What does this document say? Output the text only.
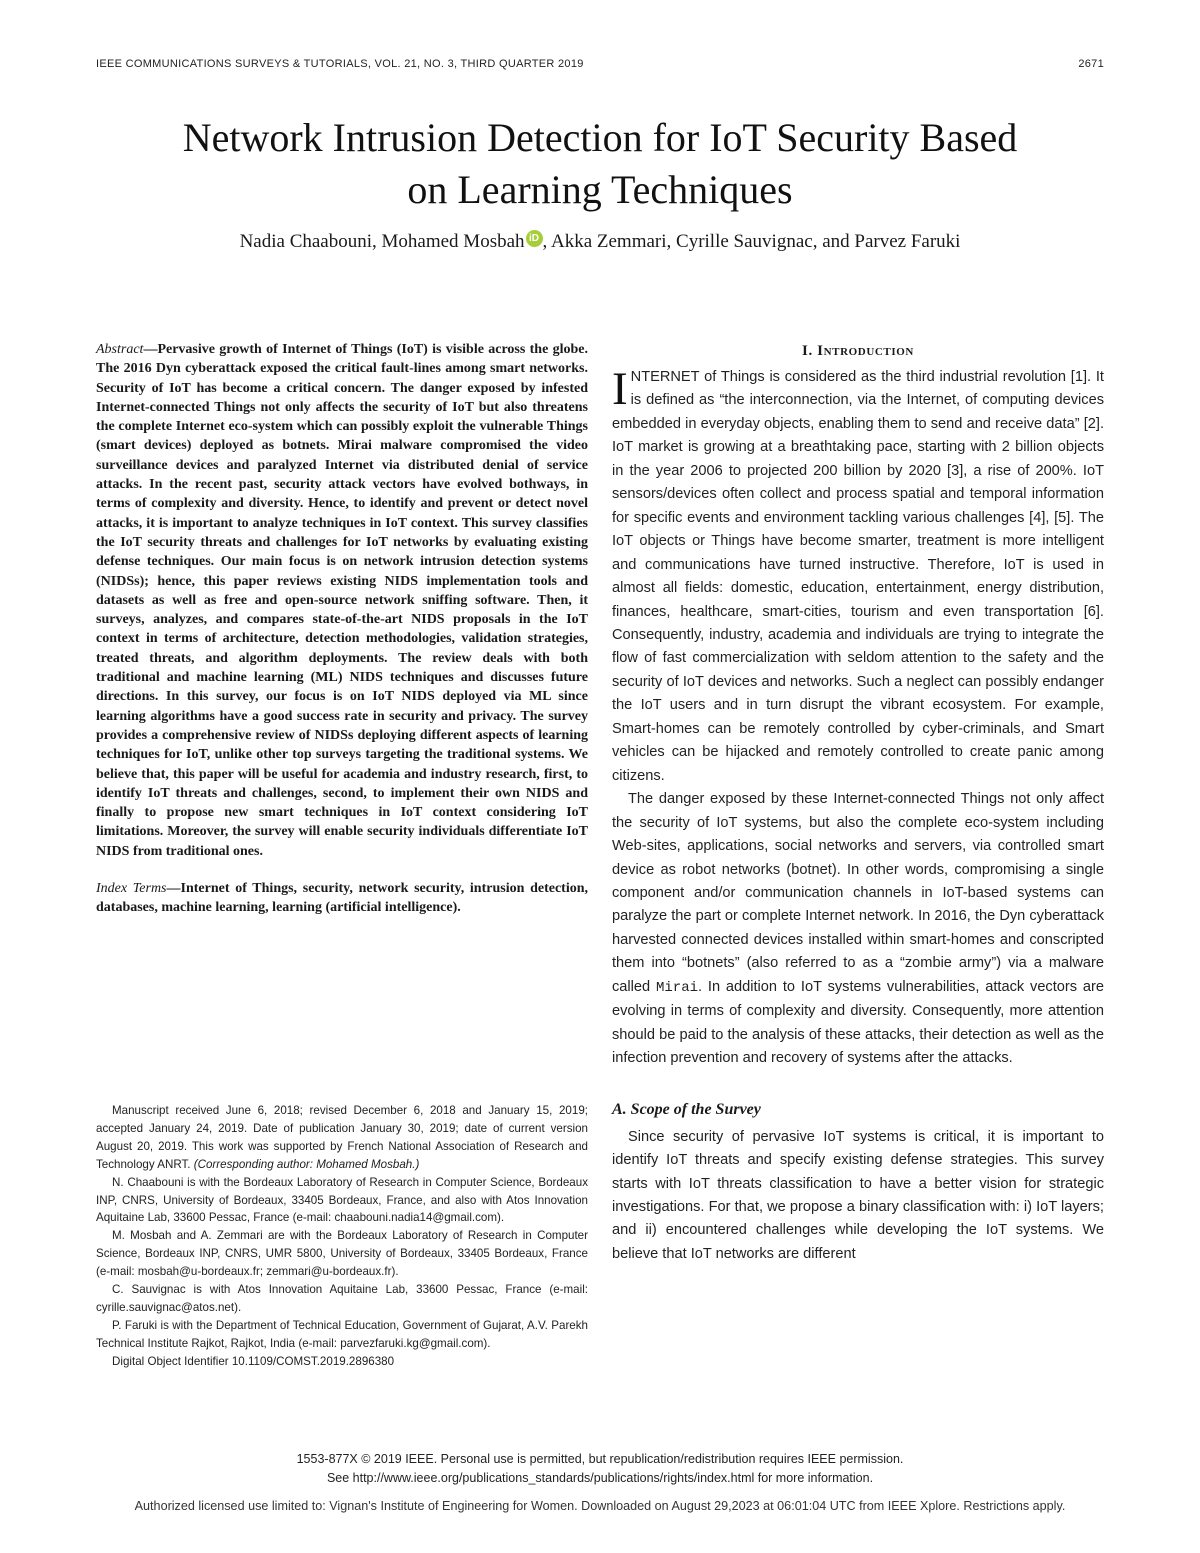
IEEE COMMUNICATIONS SURVEYS & TUTORIALS, VOL. 21, NO. 3, THIRD QUARTER 2019	2671
Network Intrusion Detection for IoT Security Based
on Learning Techniques
Nadia Chaabouni, Mohamed Mosbah iD , Akka Zemmari, Cyrille Sauvignac, and Parvez Faruki

Abstract—Pervasive growth of Internet of Things (IoT) is visible across the globe. The 2016 Dyn cyberattack exposed the critical fault-lines among smart networks. Security of IoT has become a critical concern. The danger exposed by infested Internet-connected Things not only affects the security of IoT but also threatens the complete Internet eco-system which can possibly exploit the vulnerable Things (smart devices) deployed as botnets. Mirai malware compromised the video surveillance devices and paralyzed Internet via distributed denial of service attacks. In the recent past, security attack vectors have evolved bothways, in terms of complexity and diversity. Hence, to identify and prevent or detect novel attacks, it is important to analyze techniques in IoT context. This survey classifies the IoT security threats and challenges for IoT networks by evaluating existing defense techniques. Our main focus is on network intrusion detection systems (NIDSs); hence, this paper reviews existing NIDS implementation tools and datasets as well as free and open-source network sniffing software. Then, it surveys, analyzes, and compares state-of-the-art NIDS proposals in the IoT context in terms of architecture, detection methodologies, validation strategies, treated threats, and algorithm deployments. The review deals with both traditional and machine learning (ML) NIDS techniques and discusses future directions. In this survey, our focus is on IoT NIDS deployed via ML since learning algorithms have a good success rate in security and privacy. The survey provides a comprehensive review of NIDSs deploying different aspects of learning techniques for IoT, unlike other top surveys targeting the traditional systems. We believe that, this paper will be useful for academia and industry research, first, to identify IoT threats and challenges, second, to implement their own NIDS and finally to propose new smart techniques in IoT context considering IoT limitations. Moreover, the survey will enable security individuals differentiate IoT NIDS from traditional ones.

Index Terms—Internet of Things, security, network security, intrusion detection, databases, machine learning, learning (artificial intelligence).

Manuscript received June 6, 2018; revised December 6, 2018 and January 15, 2019; accepted January 24, 2019. Date of publication January 30, 2019; date of current version August 20, 2019. This work was supported by French National Association of Research and Technology ANRT. (Corresponding author: Mohamed Mosbah.)

N. Chaabouni is with the Bordeaux Laboratory of Research in Computer Science, Bordeaux INP, CNRS, University of Bordeaux, 33405 Bordeaux, France, and also with Atos Innovation Aquitaine Lab, 33600 Pessac, France (e-mail: chaabouni.nadia14@gmail.com).

M. Mosbah and A. Zemmari are with the Bordeaux Laboratory of Research in Computer Science, Bordeaux INP, CNRS, UMR 5800, University of Bordeaux, 33405 Bordeaux, France (e-mail: mosbah@u-bordeaux.fr; zemmari@u-bordeaux.fr).

C. Sauvignac is with Atos Innovation Aquitaine Lab, 33600 Pessac, France (e-mail: cyrille.sauvignac@atos.net).

P. Faruki is with the Department of Technical Education, Government of Gujarat, A.V. Parekh Technical Institute Rajkot, Rajkot, India (e-mail: parvezfaruki.kg@gmail.com).

Digital Object Identifier 10.1109/COMST.2019.2896380

I. Introduction

INTERNET of Things is considered as the third industrial revolution [1]. It is defined as “the interconnection, via the Internet, of computing devices embedded in everyday objects, enabling them to send and receive data” [2]. IoT market is growing at a breathtaking pace, starting with 2 billion objects in the year 2006 to projected 200 billion by 2020 [3], a rise of 200%. IoT sensors/devices often collect and process spatial and temporal information for specific events and environment tackling various challenges [4], [5]. The IoT objects or Things have become smarter, treatment is more intelligent and communications have turned instructive. Therefore, IoT is used in almost all fields: domestic, education, entertainment, energy distribution, finances, healthcare, smart-cities, tourism and even transportation [6]. Consequently, industry, academia and individuals are trying to integrate the flow of fast commercialization with seldom attention to the safety and the security of IoT devices and networks. Such a neglect can possibly endanger the IoT users and in turn disrupt the vibrant ecosystem. For example, Smart-homes can be remotely controlled by cyber-criminals, and Smart vehicles can be hijacked and remotely controlled to create panic among citizens.

The danger exposed by these Internet-connected Things not only affect the security of IoT systems, but also the complete eco-system including Web-sites, applications, social networks and servers, via controlled smart device as robot networks (botnet). In other words, compromising a single component and/or communication channels in IoT-based systems can paralyze the part or complete Internet network. In 2016, the Dyn cyberattack harvested connected devices installed within smart-homes and conscripted them into “botnets” (also referred to as a “zombie army”) via a malware called Mirai. In addition to IoT systems vulnerabilities, attack vectors are evolving in terms of complexity and diversity. Consequently, more attention should be paid to the analysis of these attacks, their detection as well as the infection prevention and recovery of systems after the attacks.

A. Scope of the Survey

Since security of pervasive IoT systems is critical, it is important to identify IoT threats and specify existing defense strategies. This survey starts with IoT threats classification to have a better vision for strategic investigations. For that, we propose a binary classification with: i) IoT layers; and ii) encountered challenges while developing the IoT systems. We believe that IoT networks are different

1553-877X © 2019 IEEE. Personal use is permitted, but republication/redistribution requires IEEE permission.
See http://www.ieee.org/publications_standards/publications/rights/index.html for more information.
Authorized licensed use limited to: Vignan's Institute of Engineering for Women. Downloaded on August 29,2023 at 06:01:04 UTC from IEEE Xplore. Restrictions apply.
